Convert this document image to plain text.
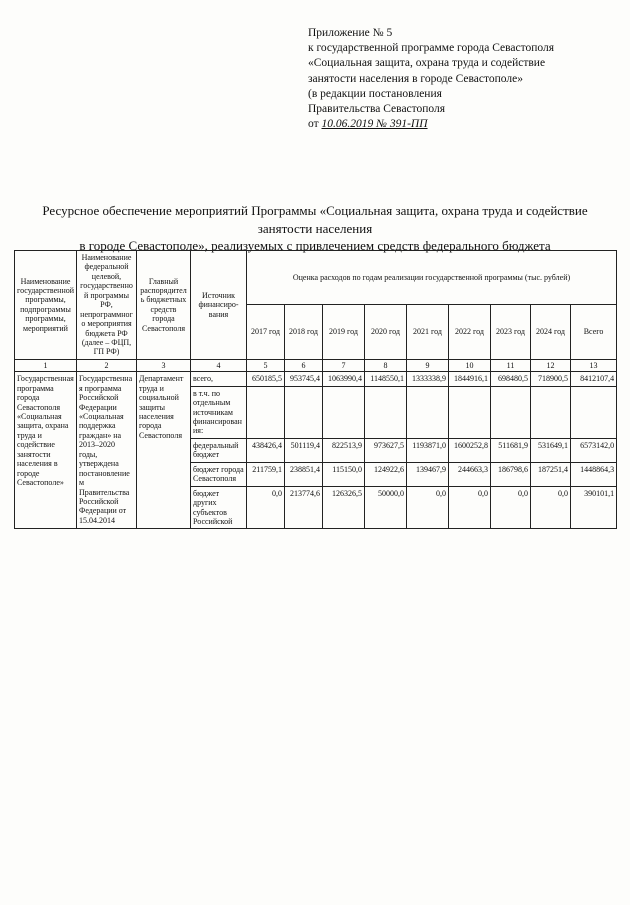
Приложение № 5
к государственной программе города Севастополя
«Социальная защита, охрана труда и содействие
занятости населения в городе Севастополе»
(в редакции постановления
Правительства Севастополя
от 10.06.2019 № 391-ПП
Ресурсное обеспечение мероприятий Программы «Социальная защита, охрана труда и содействие занятости населения
в городе Севастополе», реализуемых с привлечением средств федерального бюджета
Наименование государственной программы, подпрограммы программы, мероприятий	Наименование федеральной целевой, государственной программы РФ, непрограммного мероприятия бюджета РФ (далее – ФЦП, ГП РФ)	Главный распорядитель бюджетных средств города Севастополя	Источник финансиро-вания	Оценка расходов по годам реализации государственной программы (тыс. рублей)								
				2017 год	2018 год	2019 год	2020 год	2021 год	2022 год	2023 год	2024 год	Всего
1	2	3	4	5	6	7	8	9	10	11	12	13
Государственная программа города Севастополя «Социальная защита, охрана труда и содействие занятости населения в городе Севастополе»	Государственная программа Российской Федерации «Социальная поддержка граждан» на 2013–2020 годы, утверждена постановлением Правительства Российской Федерации от 15.04.2014	Департамент труда и социальной защиты населения города Севастополя	всего,	650185,5	953745,4	1063990,4	1148550,1	1333338,9	1844916,1	698480,5	718900,5	8412107,4
			в т.ч. по отдельным источникам финансирования:									
			федеральный бюджет	438426,4	501119,4	822513,9	973627,5	1193871,0	1600252,8	511681,9	531649,1	6573142,0
			бюджет города Севастополя	211759,1	238851,4	115150,0	124922,6	139467,9	244663,3	186798,6	187251,4	1448864,3
			бюджет других субъектов Российской	0,0	213774,6	126326,5	50000,0	0,0	0,0	0,0	0,0	390101,1
